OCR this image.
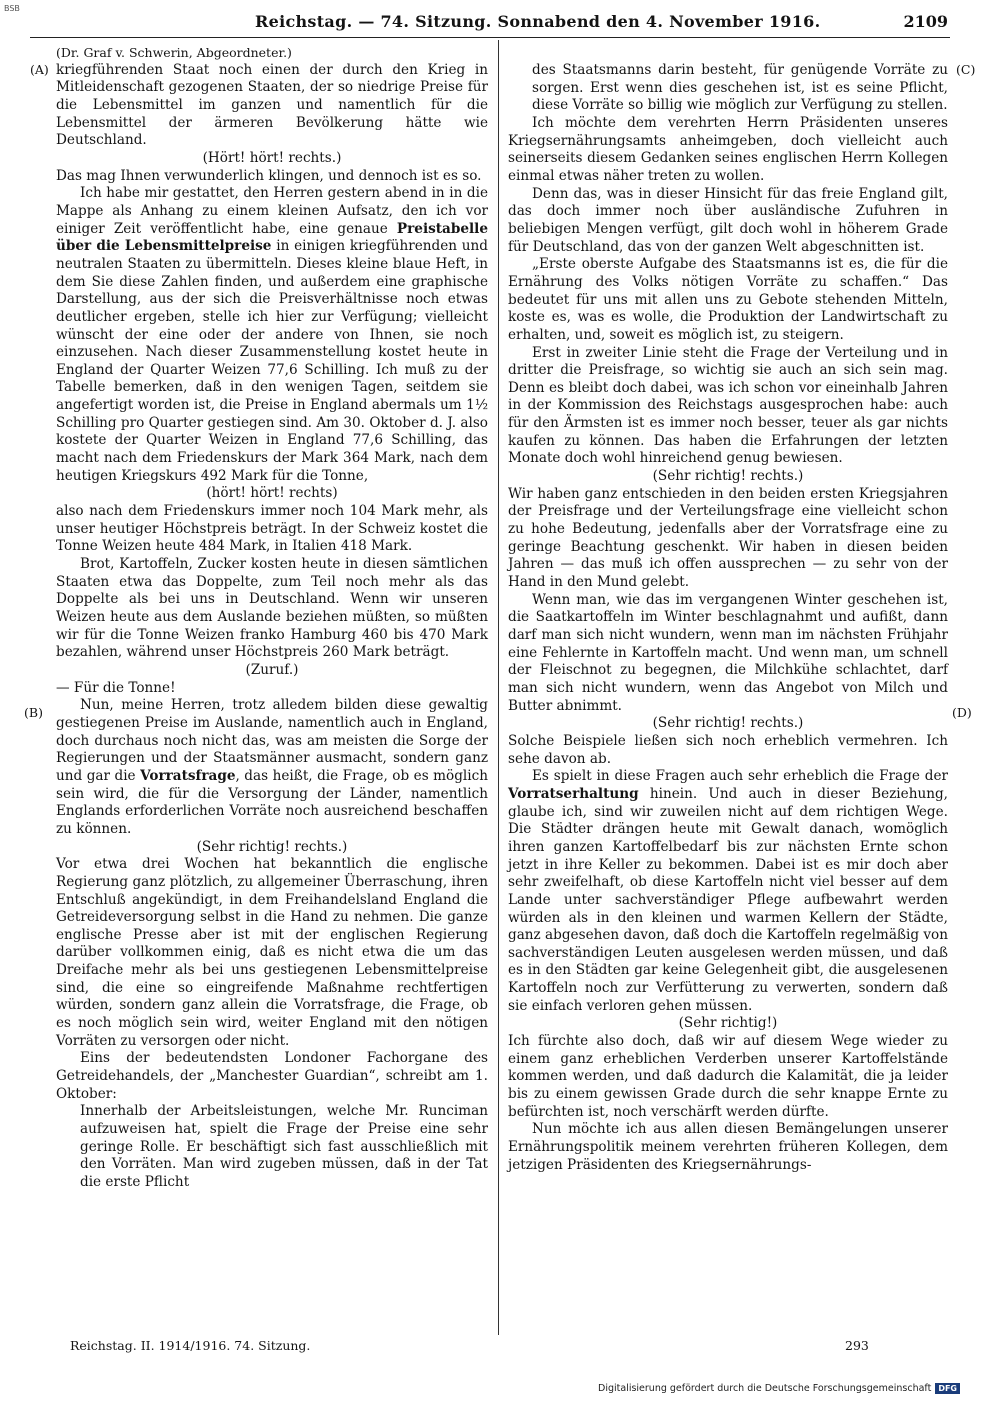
BSB
Reichstag. — 74. Sitzung. Sonnabend den 4. November 1916.	2109
(A)
(B)
(C)
(D)

(Dr. Graf v. Schwerin, Abgeordneter.)

kriegführenden Staat noch einen der durch den Krieg in Mitleidenschaft gezogenen Staaten, der so niedrige Preise für die Lebensmittel im ganzen und namentlich für die Lebensmittel der ärmeren Bevölkerung hätte wie Deutschland.

(Hört! hört! rechts.)

Das mag Ihnen verwunderlich klingen, und dennoch ist es so.

Ich habe mir gestattet, den Herren gestern abend in in die Mappe als Anhang zu einem kleinen Aufsatz, den ich vor einiger Zeit veröffentlicht habe, eine genaue Preistabelle über die Lebensmittelpreise in einigen kriegführenden und neutralen Staaten zu übermitteln. Dieses kleine blaue Heft, in dem Sie diese Zahlen finden, und außerdem eine graphische Darstellung, aus der sich die Preisverhältnisse noch etwas deutlicher ergeben, stelle ich hier zur Verfügung; vielleicht wünscht der eine oder der andere von Ihnen, sie noch einzusehen. Nach dieser Zusammenstellung kostet heute in England der Quarter Weizen 77,6 Schilling. Ich muß zu der Tabelle bemerken, daß in den wenigen Tagen, seitdem sie angefertigt worden ist, die Preise in England abermals um 1½ Schilling pro Quarter gestiegen sind. Am 30. Oktober d. J. also kostete der Quarter Weizen in England 77,6 Schilling, das macht nach dem Friedenskurs der Mark 364 Mark, nach dem heutigen Kriegskurs 492 Mark für die Tonne,

(hört! hört! rechts)

also nach dem Friedenskurs immer noch 104 Mark mehr, als unser heutiger Höchstpreis beträgt. In der Schweiz kostet die Tonne Weizen heute 484 Mark, in Italien 418 Mark.

Brot, Kartoffeln, Zucker kosten heute in diesen sämtlichen Staaten etwa das Doppelte, zum Teil noch mehr als das Doppelte als bei uns in Deutschland. Wenn wir unseren Weizen heute aus dem Auslande beziehen müßten, so müßten wir für die Tonne Weizen franko Hamburg 460 bis 470 Mark bezahlen, während unser Höchstpreis 260 Mark beträgt.

(Zuruf.)

— Für die Tonne!

Nun, meine Herren, trotz alledem bilden diese gewaltig gestiegenen Preise im Auslande, namentlich auch in England, doch durchaus noch nicht das, was am meisten die Sorge der Regierungen und der Staatsmänner ausmacht, sondern ganz und gar die Vorratsfrage, das heißt, die Frage, ob es möglich sein wird, die für die Versorgung der Länder, namentlich Englands erforderlichen Vorräte noch ausreichend beschaffen zu können.

(Sehr richtig! rechts.)

Vor etwa drei Wochen hat bekanntlich die englische Regierung ganz plötzlich, zu allgemeiner Überraschung, ihren Entschluß angekündigt, in dem Freihandelsland England die Getreideversorgung selbst in die Hand zu nehmen. Die ganze englische Presse aber ist mit der englischen Regierung darüber vollkommen einig, daß es nicht etwa die um das Dreifache mehr als bei uns gestiegenen Lebensmittelpreise sind, die eine so eingreifende Maßnahme rechtfertigen würden, sondern ganz allein die Vorratsfrage, die Frage, ob es noch möglich sein wird, weiter England mit den nötigen Vorräten zu versorgen oder nicht.

Eins der bedeutendsten Londoner Fachorgane des Getreidehandels, der „Manchester Guardian“, schreibt am 1. Oktober:

Innerhalb der Arbeitsleistungen, welche Mr. Runciman aufzuweisen hat, spielt die Frage der Preise eine sehr geringe Rolle. Er beschäftigt sich fast ausschließlich mit den Vorräten. Man wird zugeben müssen, daß in der Tat die erste Pflicht

des Staatsmanns darin besteht, für genügende Vorräte zu sorgen. Erst wenn dies geschehen ist, ist es seine Pflicht, diese Vorräte so billig wie möglich zur Verfügung zu stellen.

Ich möchte dem verehrten Herrn Präsidenten unseres Kriegsernährungsamts anheimgeben, doch vielleicht auch seinerseits diesem Gedanken seines englischen Herrn Kollegen einmal etwas näher treten zu wollen.

Denn das, was in dieser Hinsicht für das freie England gilt, das doch immer noch über ausländische Zufuhren in beliebigen Mengen verfügt, gilt doch wohl in höherem Grade für Deutschland, das von der ganzen Welt abgeschnitten ist.

„Erste oberste Aufgabe des Staatsmanns ist es, die für die Ernährung des Volks nötigen Vorräte zu schaffen.“ Das bedeutet für uns mit allen uns zu Gebote stehenden Mitteln, koste es, was es wolle, die Produktion der Landwirtschaft zu erhalten, und, soweit es möglich ist, zu steigern.

Erst in zweiter Linie steht die Frage der Verteilung und in dritter die Preisfrage, so wichtig sie auch an sich sein mag. Denn es bleibt doch dabei, was ich schon vor eineinhalb Jahren in der Kommission des Reichstags ausgesprochen habe: auch für den Ärmsten ist es immer noch besser, teuer als gar nichts kaufen zu können. Das haben die Erfahrungen der letzten Monate doch wohl hinreichend genug bewiesen.

(Sehr richtig! rechts.)

Wir haben ganz entschieden in den beiden ersten Kriegsjahren der Preisfrage und der Verteilungsfrage eine vielleicht schon zu hohe Bedeutung, jedenfalls aber der Vorratsfrage eine zu geringe Beachtung geschenkt. Wir haben in diesen beiden Jahren — das muß ich offen aussprechen — zu sehr von der Hand in den Mund gelebt.

Wenn man, wie das im vergangenen Winter geschehen ist, die Saatkartoffeln im Winter beschlagnahmt und aufißt, dann darf man sich nicht wundern, wenn man im nächsten Frühjahr eine Fehlernte in Kartoffeln macht. Und wenn man, um schnell der Fleischnot zu begegnen, die Milchkühe schlachtet, darf man sich nicht wundern, wenn das Angebot von Milch und Butter abnimmt.

(Sehr richtig! rechts.)

Solche Beispiele ließen sich noch erheblich vermehren. Ich sehe davon ab.

Es spielt in diese Fragen auch sehr erheblich die Frage der Vorratserhaltung hinein. Und auch in dieser Beziehung, glaube ich, sind wir zuweilen nicht auf dem richtigen Wege. Die Städter drängen heute mit Gewalt danach, womöglich ihren ganzen Kartoffelbedarf bis zur nächsten Ernte schon jetzt in ihre Keller zu bekommen. Dabei ist es mir doch aber sehr zweifelhaft, ob diese Kartoffeln nicht viel besser auf dem Lande unter sachverständiger Pflege aufbewahrt werden würden als in den kleinen und warmen Kellern der Städte, ganz abgesehen davon, daß doch die Kartoffeln regelmäßig von sachverständigen Leuten ausgelesen werden müssen, und daß es in den Städten gar keine Gelegenheit gibt, die ausgelesenen Kartoffeln noch zur Verfütterung zu verwerten, sondern daß sie einfach verloren gehen müssen.

(Sehr richtig!)

Ich fürchte also doch, daß wir auf diesem Wege wieder zu einem ganz erheblichen Verderben unserer Kartoffelstände kommen werden, und daß dadurch die Kalamität, die ja leider bis zu einem gewissen Grade durch die sehr knappe Ernte zu befürchten ist, noch verschärft werden dürfte.

Nun möchte ich aus allen diesen Bemängelungen unserer Ernährungspolitik meinem verehrten früheren Kollegen, dem jetzigen Präsidenten des Kriegsernährungs-

Reichstag. II. 1914/1916. 74. Sitzung.	293
Digitalisierung gefördert durch die Deutsche Forschungsgemeinschaft DFG
